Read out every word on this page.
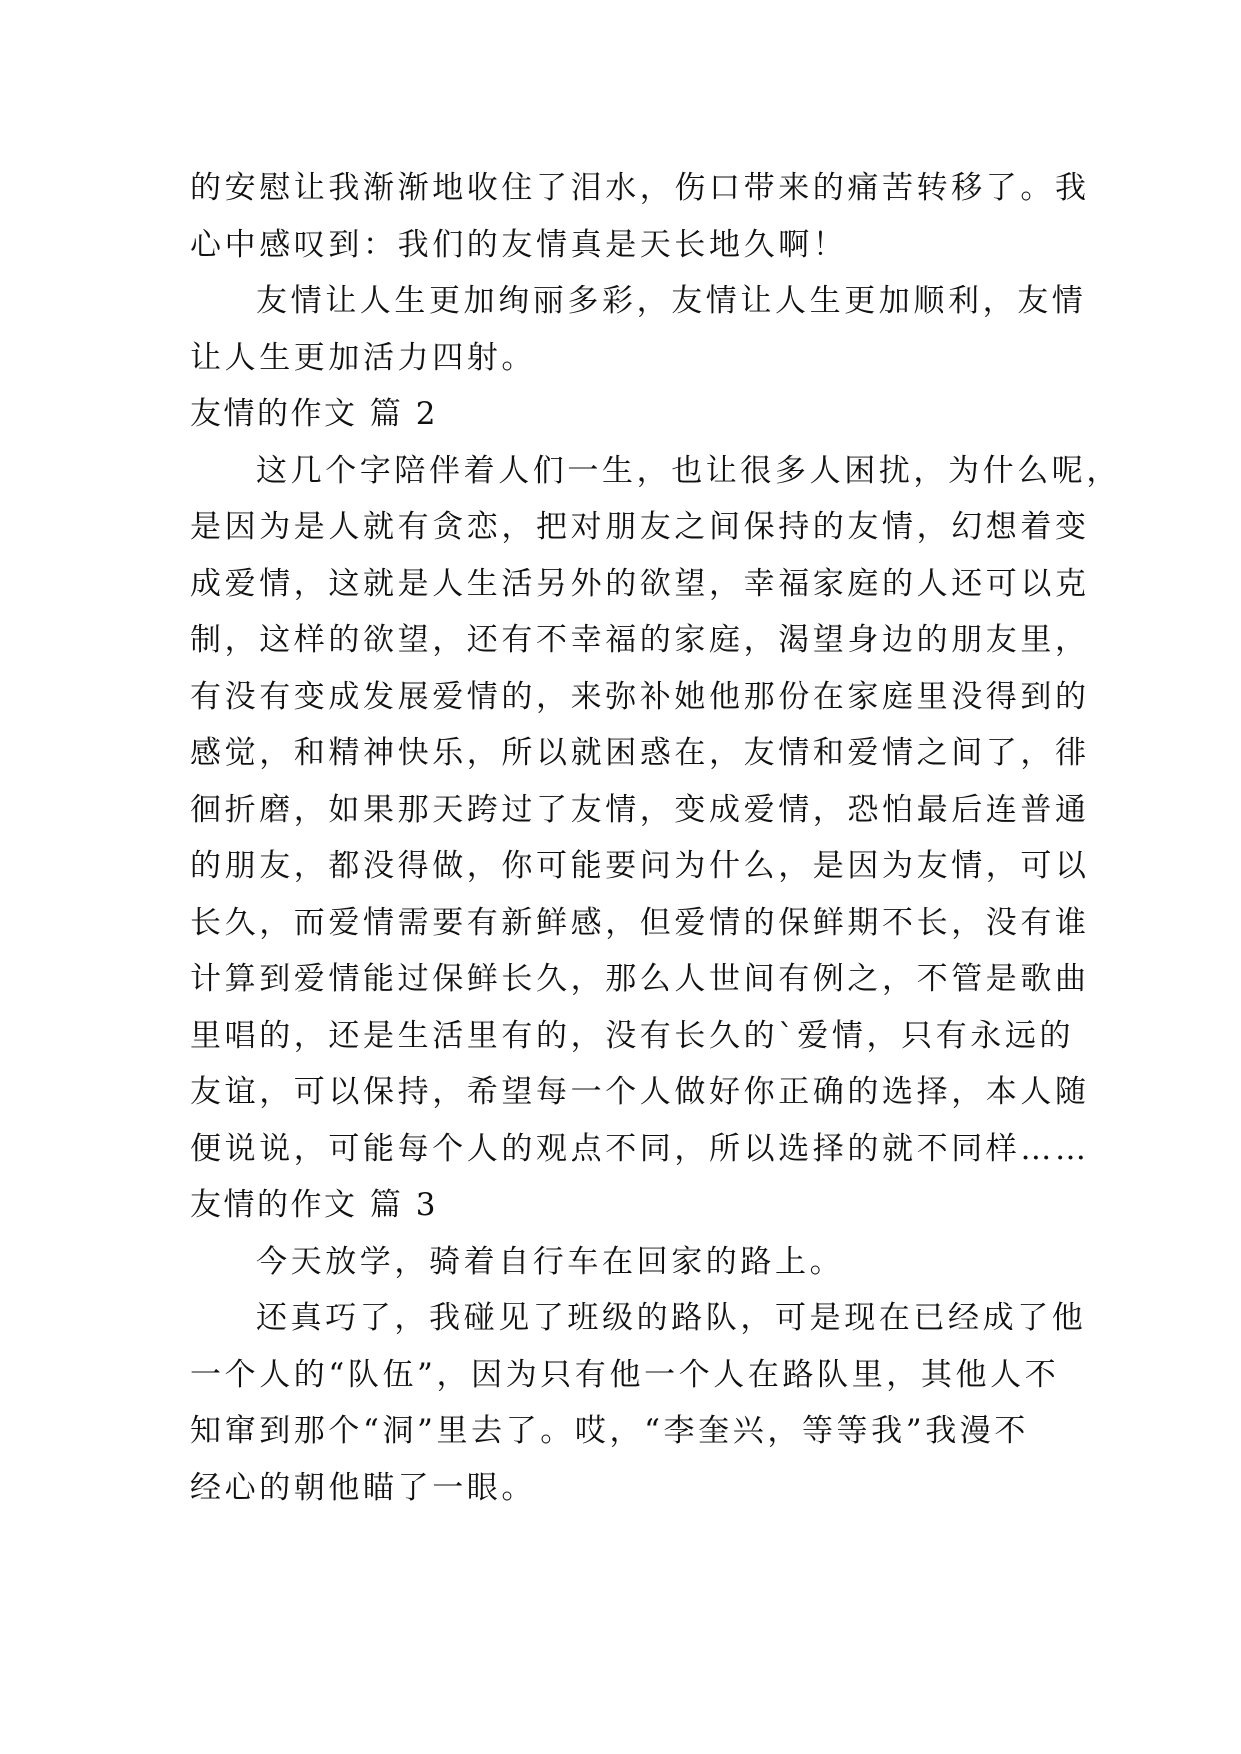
的安慰让我渐渐地收住了泪水，伤口带来的痛苦转移了。我
心中感叹到：我们的友情真是天长地久啊！
友情让人生更加绚丽多彩，友情让人生更加顺利，友情
让人生更加活力四射。
友情的作文 篇 2
这几个字陪伴着人们一生，也让很多人困扰，为什么呢，
是因为是人就有贪恋，把对朋友之间保持的友情，幻想着变
成爱情，这就是人生活另外的欲望，幸福家庭的人还可以克
制，这样的欲望，还有不幸福的家庭，渴望身边的朋友里，
有没有变成发展爱情的，来弥补她他那份在家庭里没得到的
感觉，和精神快乐，所以就困惑在，友情和爱情之间了，徘
徊折磨，如果那天跨过了友情，变成爱情，恐怕最后连普通
的朋友，都没得做，你可能要问为什么，是因为友情，可以
长久，而爱情需要有新鲜感，但爱情的保鲜期不长，没有谁
计算到爱情能过保鲜长久，那么人世间有例之，不管是歌曲
里唱的，还是生活里有的，没有长久的`爱情，只有永远的
友谊，可以保持，希望每一个人做好你正确的选择，本人随
便说说，可能每个人的观点不同，所以选择的就不同样……
友情的作文 篇 3
今天放学，骑着自行车在回家的路上。
还真巧了，我碰见了班级的路队，可是现在已经成了他
一个人的“队伍”，因为只有他一个人在路队里，其他人不
知窜到那个“洞”里去了。哎，“李奎兴，等等我”我漫不
经心的朝他瞄了一眼。
